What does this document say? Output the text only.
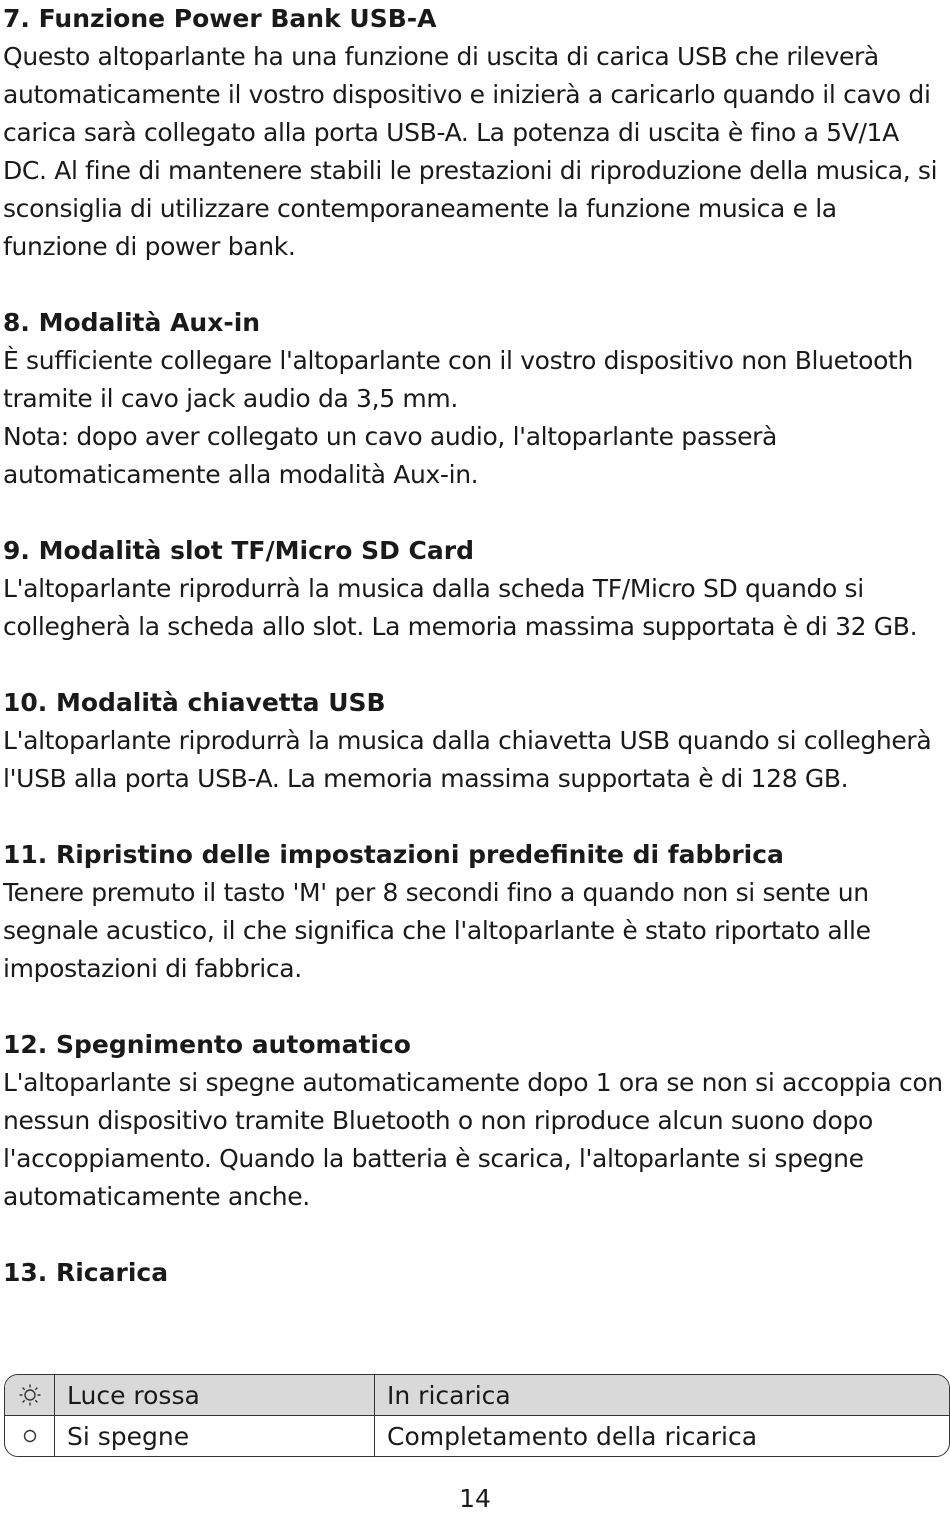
7. Funzione Power Bank USB-A

Questo altoparlante ha una funzione di uscita di carica USB che rileverà automaticamente il vostro dispositivo e inizierà a caricarlo quando il cavo di carica sarà collegato alla porta USB-A. La potenza di uscita è fino a 5V/1A DC. Al fine di mantenere stabili le prestazioni di riproduzione della musica, si sconsiglia di utilizzare contemporaneamente la funzione musica e la funzione di power bank.

8. Modalità Aux-in

È sufficiente collegare l'altoparlante con il vostro dispositivo non Bluetooth tramite il cavo jack audio da 3,5 mm.

Nota: dopo aver collegato un cavo audio, l'altoparlante passerà automaticamente alla modalità Aux-in.

9. Modalità slot TF/Micro SD Card

L'altoparlante riprodurrà la musica dalla scheda TF/Micro SD quando si collegherà la scheda allo slot. La memoria massima supportata è di 32 GB.

10. Modalità chiavetta USB

L'altoparlante riprodurrà la musica dalla chiavetta USB quando si collegherà l'USB alla porta USB-A. La memoria massima supportata è di 128 GB.

11. Ripristino delle impostazioni predefinite di fabbrica

Tenere premuto il tasto 'M' per 8 secondi fino a quando non si sente un segnale acustico, il che significa che l'altoparlante è stato riportato alle impostazioni di fabbrica.

12. Spegnimento automatico

L'altoparlante si spegne automaticamente dopo 1 ora se non si accoppia con nessun dispositivo tramite Bluetooth o non riproduce alcun suono dopo l'accoppiamento. Quando la batteria è scarica, l'altoparlante si spegne automaticamente anche.

13. Ricarica
Luce rossa	In ricarica
Si spegne	Completamento della ricarica
14
